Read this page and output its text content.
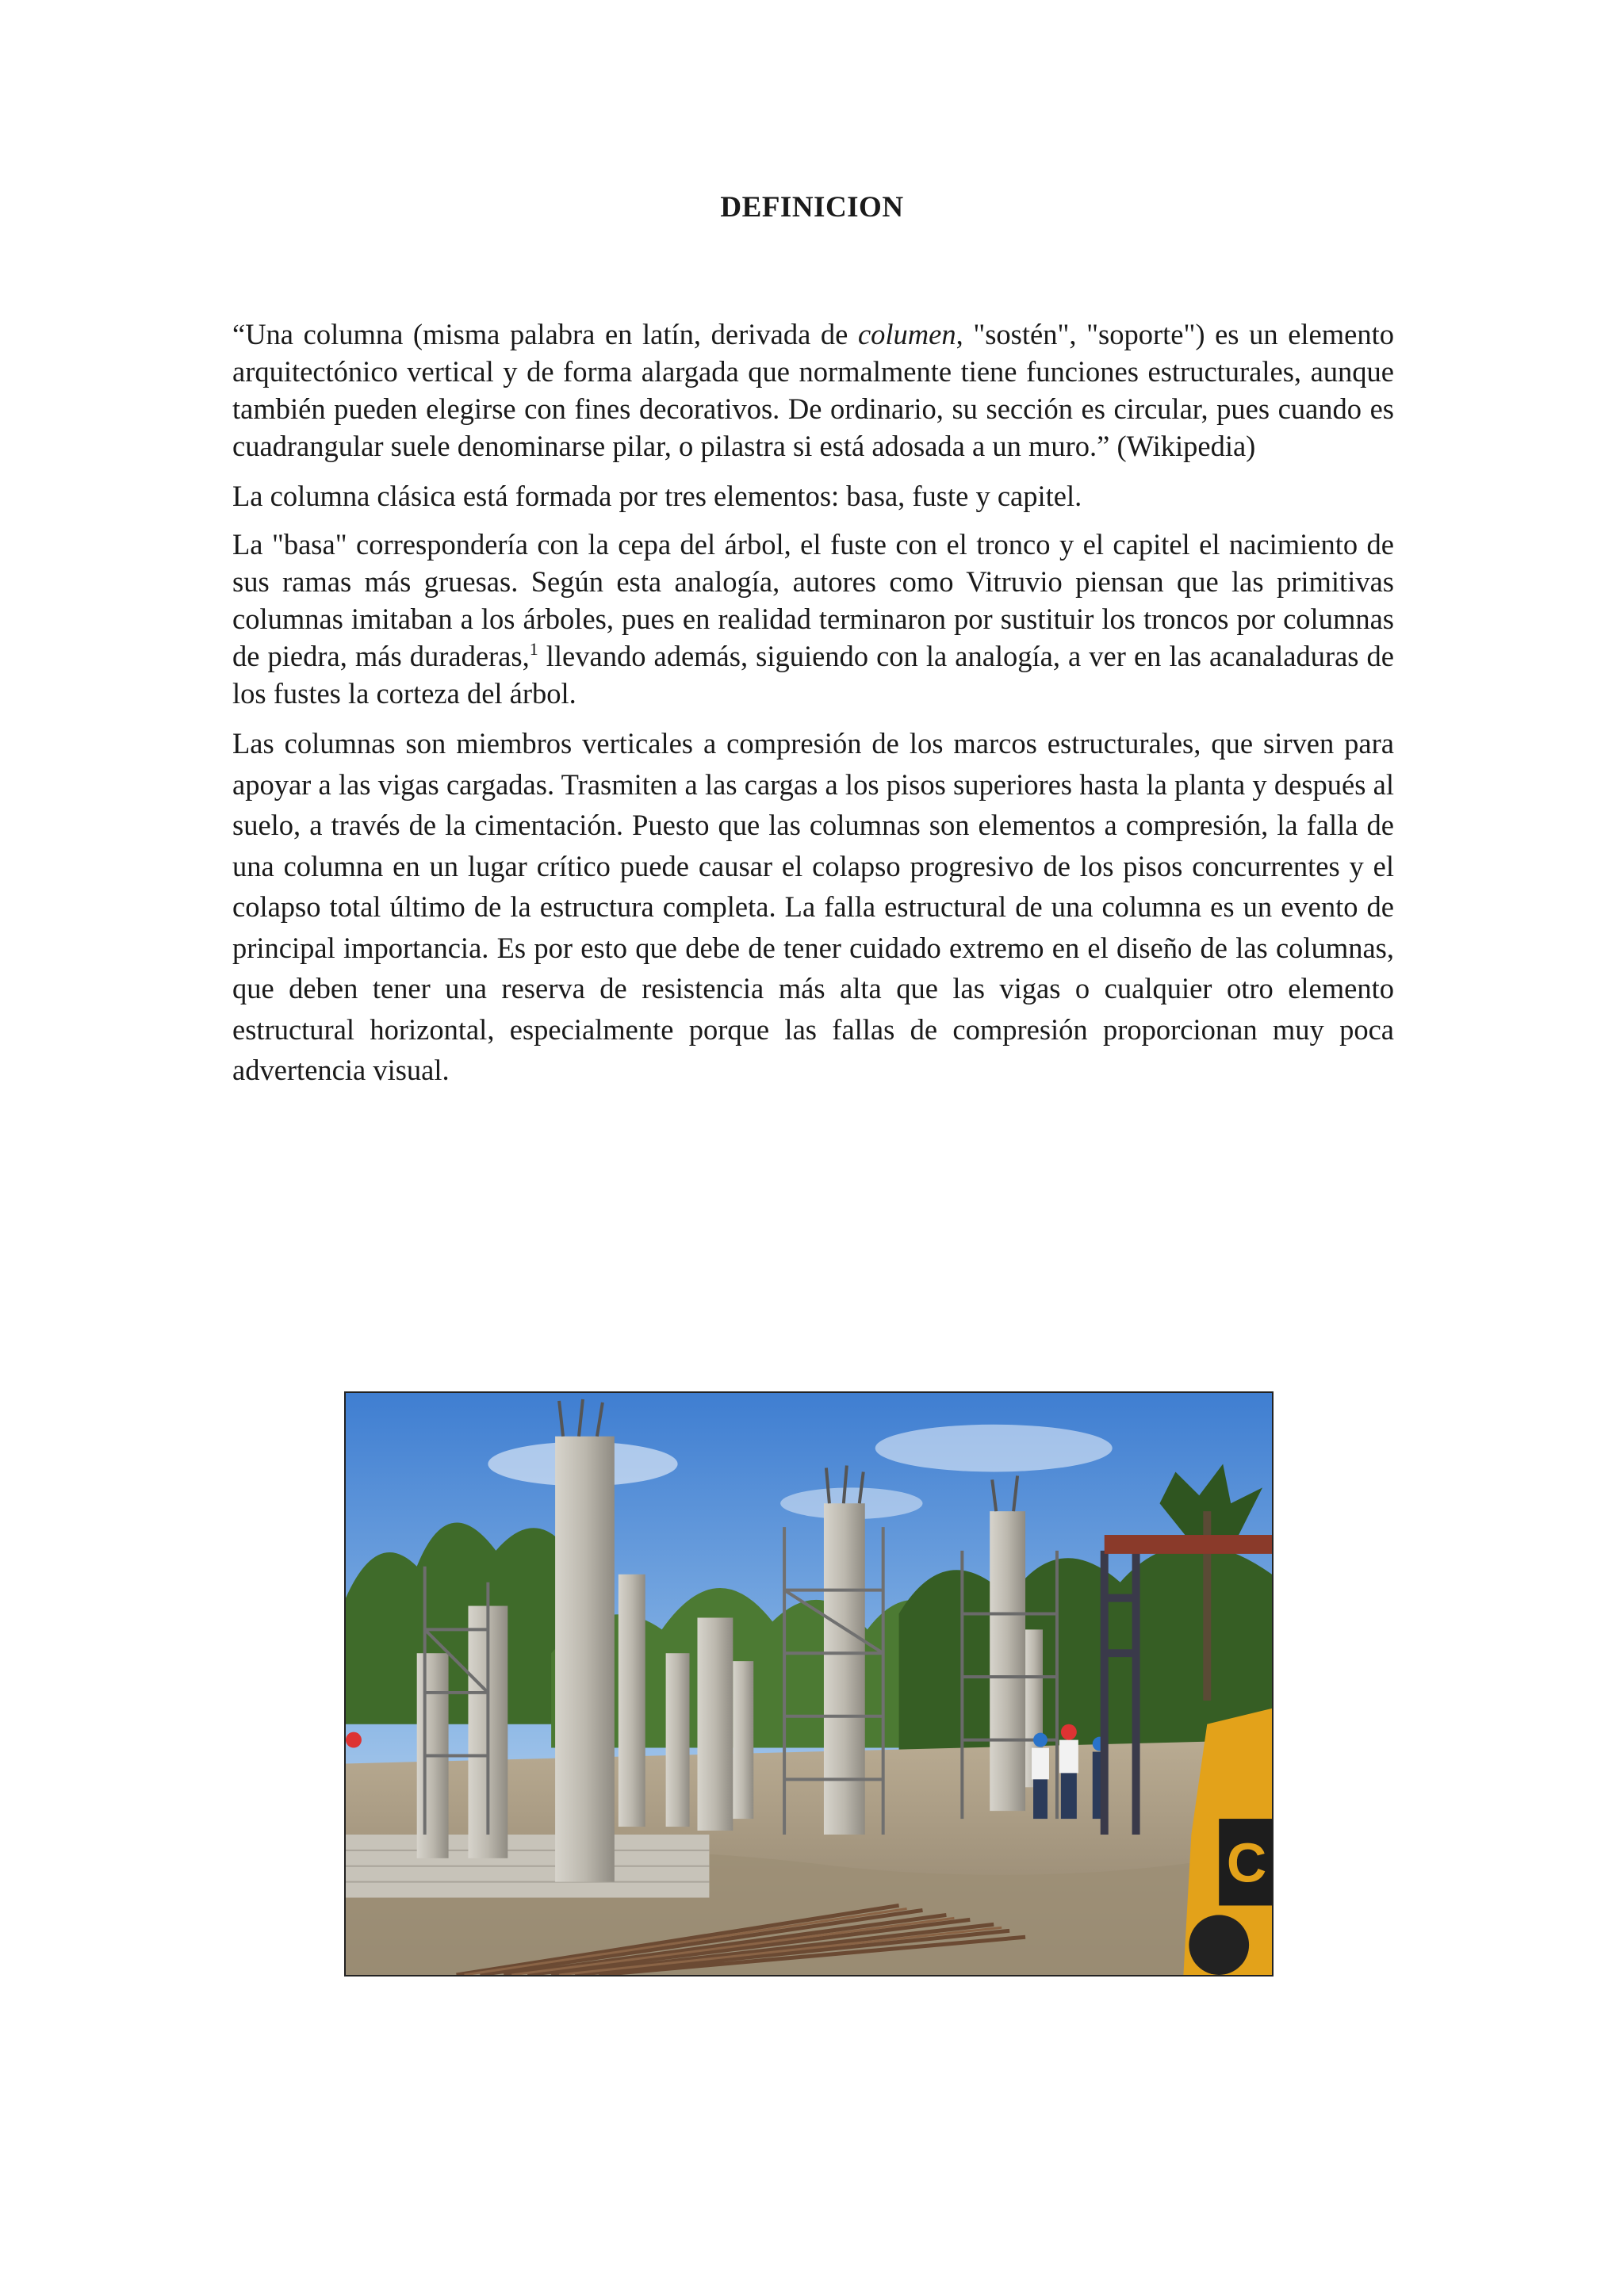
DEFINICION

“Una columna (misma palabra en latín, derivada de columen, "sostén", "soporte") es un elemento arquitectónico vertical y de forma alargada que normalmente tiene funciones estructurales, aunque también pueden elegirse con fines decorativos. De ordinario, su sección es circular, pues cuando es cuadrangular suele denominarse pilar, o pilastra si está adosada a un muro.” (Wikipedia)

La columna clásica está formada por tres elementos: basa, fuste y capitel.

La "basa" correspondería con la cepa del árbol, el fuste con el tronco y el capitel el nacimiento de sus ramas más gruesas. Según esta analogía, autores como Vitruvio piensan que las primitivas columnas imitaban a los árboles, pues en realidad terminaron por sustituir los troncos por columnas de piedra, más duraderas,$^1$ llevando además, siguiendo con la analogía, a ver en las acanaladuras de los fustes la corteza del árbol.

Las columnas son miembros verticales a compresión de los marcos estructurales, que sirven para apoyar a las vigas cargadas. Trasmiten a las cargas a los pisos superiores hasta la planta y después al suelo, a través de la cimentación. Puesto que las columnas son elementos a compresión, la falla de una columna en un lugar crítico puede causar el colapso progresivo de los pisos concurrentes y el colapso total último de la estructura completa. La falla estructural de una columna es un evento de principal importancia. Es por esto que debe de tener cuidado extremo en el diseño de las columnas, que deben tener una reserva de resistencia más alta que las vigas o cualquier otro elemento estructural horizontal, especialmente porque las fallas de compresión proporcionan muy poca advertencia visual.

C
